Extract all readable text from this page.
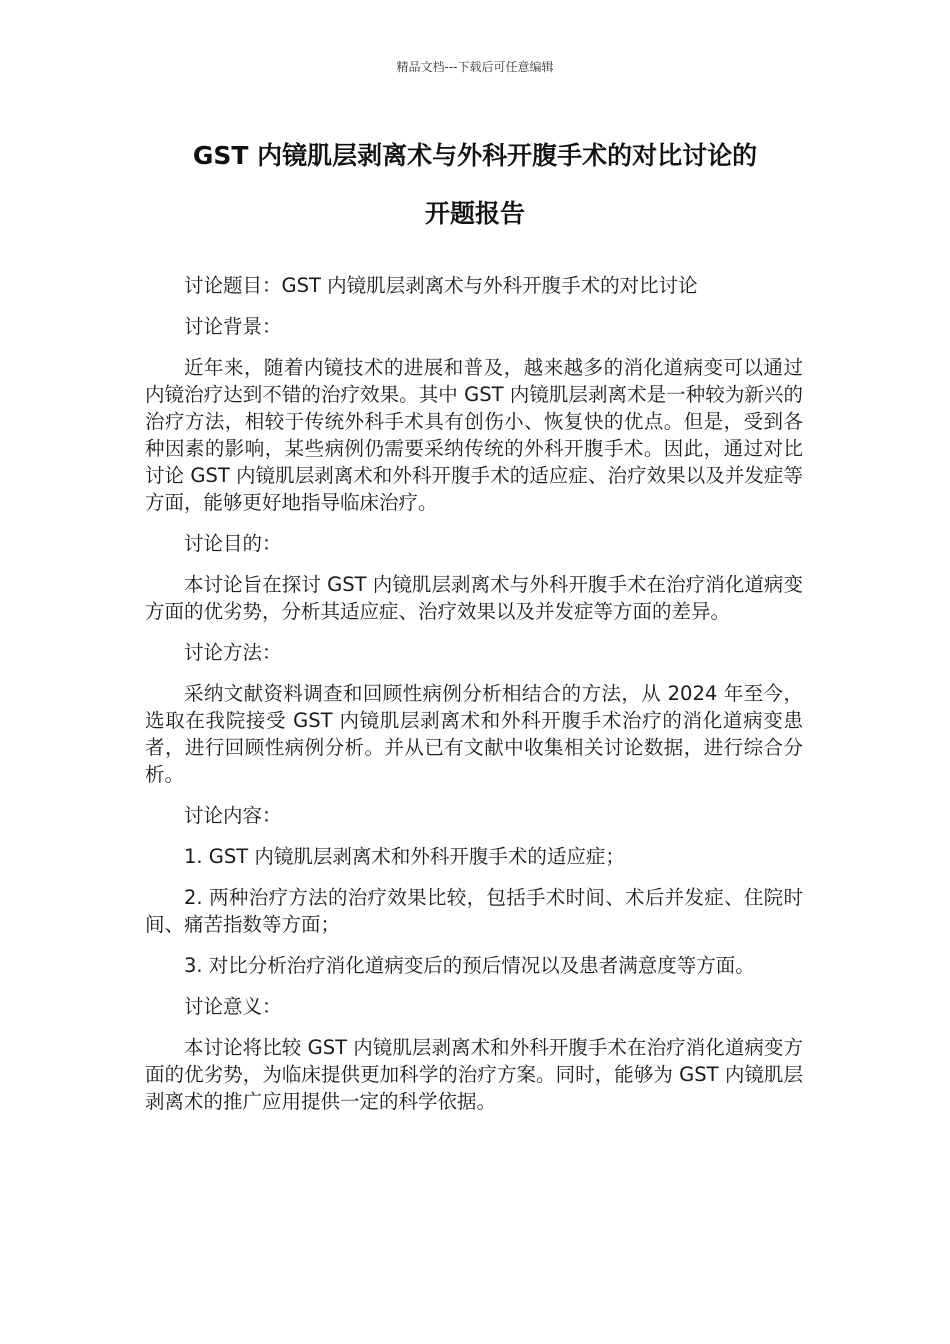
精品文档---下载后可任意编辑
GST 内镜肌层剥离术与外科开腹手术的对比讨论的
开题报告

讨论题目：GST 内镜肌层剥离术与外科开腹手术的对比讨论

讨论背景：

近年来，随着内镜技术的进展和普及，越来越多的消化道病变可以通过内镜治疗达到不错的治疗效果。其中 GST 内镜肌层剥离术是一种较为新兴的治疗方法，相较于传统外科手术具有创伤小、恢复快的优点。但是，受到各种因素的影响，某些病例仍需要采纳传统的外科开腹手术。因此，通过对比讨论 GST 内镜肌层剥离术和外科开腹手术的适应症、治疗效果以及并发症等方面，能够更好地指导临床治疗。

讨论目的：

本讨论旨在探讨 GST 内镜肌层剥离术与外科开腹手术在治疗消化道病变方面的优劣势，分析其适应症、治疗效果以及并发症等方面的差异。

讨论方法：

采纳文献资料调查和回顾性病例分析相结合的方法，从 2024 年至今，选取在我院接受 GST 内镜肌层剥离术和外科开腹手术治疗的消化道病变患者，进行回顾性病例分析。并从已有文献中收集相关讨论数据，进行综合分析。

讨论内容：

1. GST 内镜肌层剥离术和外科开腹手术的适应症；

2. 两种治疗方法的治疗效果比较，包括手术时间、术后并发症、住院时间、痛苦指数等方面；

3. 对比分析治疗消化道病变后的预后情况以及患者满意度等方面。

讨论意义：

本讨论将比较 GST 内镜肌层剥离术和外科开腹手术在治疗消化道病变方面的优劣势，为临床提供更加科学的治疗方案。同时，能够为 GST 内镜肌层剥离术的推广应用提供一定的科学依据。
